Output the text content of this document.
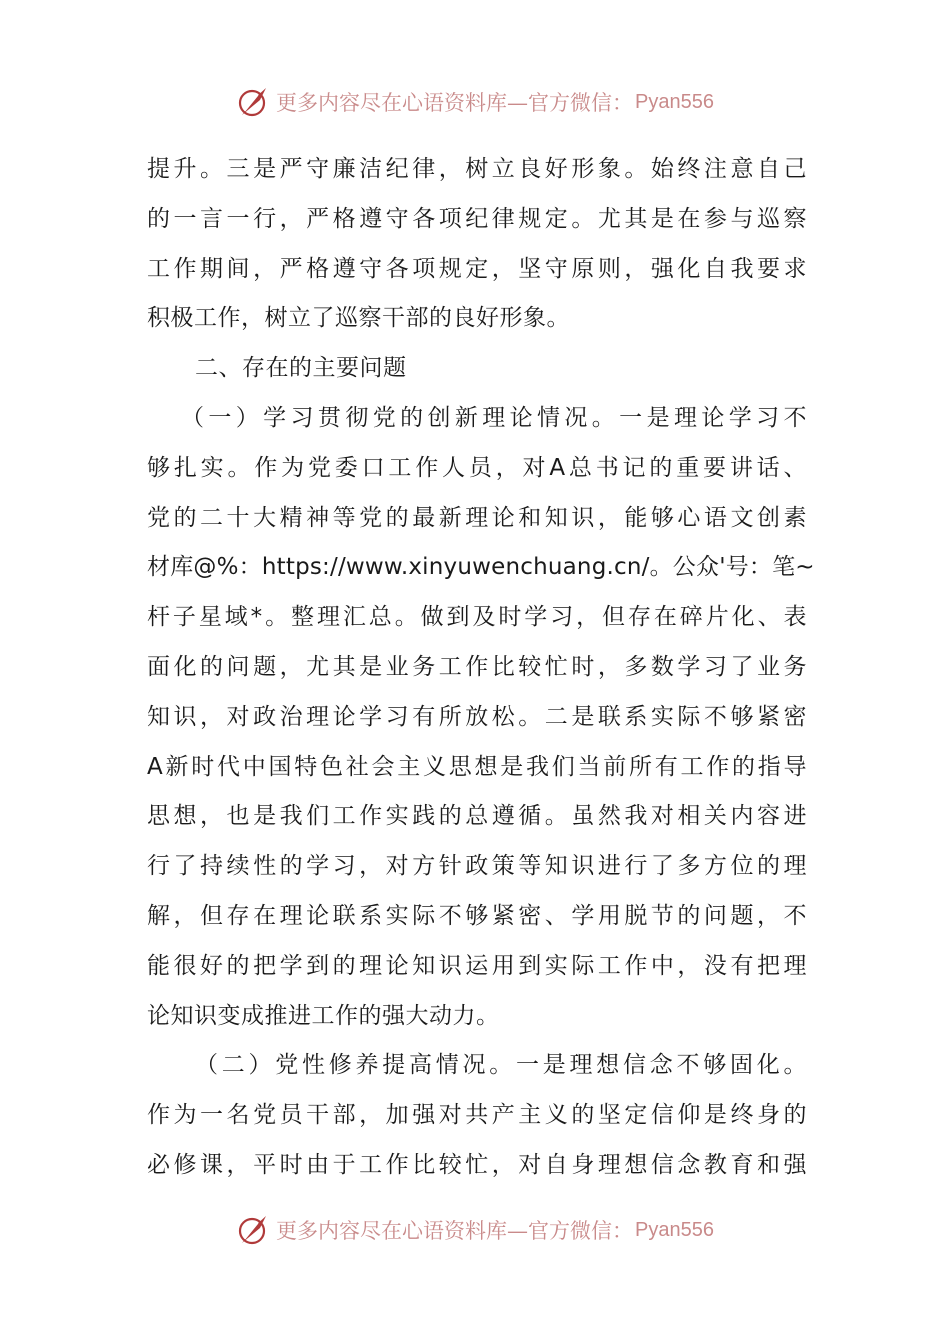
更多内容尽在心语资料库—官方微信： Pyan556
提升。三是严守廉洁纪律，树立良好形象。始终注意自己
的一言一行，严格遵守各项纪律规定。尤其是在参与巡察
工作期间，严格遵守各项规定，坚守原则，强化自我要求
积极工作，树立了巡察干部的良好形象。
二、存在的主要问题
（一）学习贯彻党的创新理论情况。一是理论学习不
够扎实。作为党委口工作人员，对A总书记的重要讲话、
党的二十大精神等党的最新理论和知识，能够心语文创素
材库@%：https://www.xinyuwenchuang.cn/。公众'号：笔~
杆子星域*。整理汇总。做到及时学习，但存在碎片化、表
面化的问题，尤其是业务工作比较忙时，多数学习了业务
知识，对政治理论学习有所放松。二是联系实际不够紧密
A新时代中国特色社会主义思想是我们当前所有工作的指导
思想，也是我们工作实践的总遵循。虽然我对相关内容进
行了持续性的学习，对方针政策等知识进行了多方位的理
解，但存在理论联系实际不够紧密、学用脱节的问题，不
能很好的把学到的理论知识运用到实际工作中，没有把理
论知识变成推进工作的强大动力。
（二）党性修养提高情况。一是理想信念不够固化。
作为一名党员干部，加强对共产主义的坚定信仰是终身的
必修课，平时由于工作比较忙，对自身理想信念教育和强
更多内容尽在心语资料库—官方微信： Pyan556
